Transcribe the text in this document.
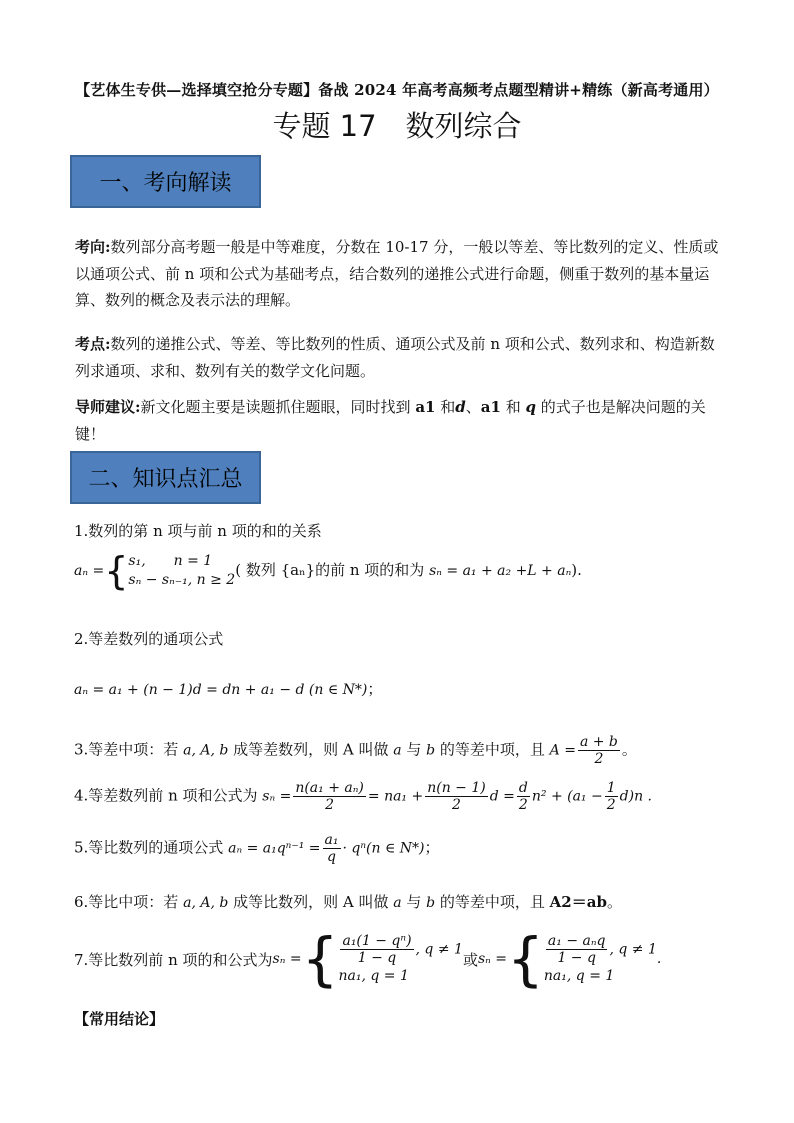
【艺体生专供—选择填空抢分专题】备战 2024 年高考高频考点题型精讲+精练（新高考通用）
专题 17　数列综合
一、考向解读
考向:数列部分高考题一般是中等难度，分数在 10-17 分，一般以等差、等比数列的定义、性质或以通项公式、前 n 项和公式为基础考点，结合数列的递推公式进行命题，侧重于数列的基本量运算、数列的概念及表示法的理解。
考点:数列的递推公式、等差、等比数列的性质、通项公式及前 n 项和公式、数列求和、构造新数列求通项、求和、数列有关的数学文化问题。
导师建议:新文化题主要是读题抓住题眼，同时找到 a1 和d、a1 和 q 的式子也是解决问题的关键！
二、知识点汇总
1.数列的第 n 项与前 n 项的和的关系
aₙ ={ s₁,　　n = 1
sₙ − sₙ₋₁, n ≥ 2
( 数列 {aₙ}的前 n 项的和为 sₙ = a₁ + a₂ +L + aₙ).
2.等差数列的通项公式
aₙ = a₁ + (n − 1)d = dn + a₁ − d (n ∈ N*)；
3.等差中项：若 a, A, b 成等差数列，则 A 叫做 a 与 b 的等差中项，且 $A = \frac{a + b}{2}$ 。
4.等差数列前 n 项和公式为 $s_n = \frac{\text{n(a₁ + aₙ)}}{2} = na_1 + \frac{n(n - 1)}{2}$ $d = \frac{d}{2} n^2 + (a_1 - \frac{1}{2} d)n$ .
5.等比数列的通项公式 $a_n = a_1q^{n-1} = \frac{\text{a₁}}{q} \cdot q^n(n$ ∈ N*)；
6.等比中项：若 a, A, b 成等比数列，则 A 叫做 a 与 b 的等差中项，且 A2＝ab。
7.等比数列前 n 项的和公式为 sₙ = { $\frac{\text{a₁(1 − qⁿ)}}{1 - q}$ , q ≠ 1
na₁, q = 1
或 sₙ = { $\frac{\text{a₁ − aₙq}}{1 - q}$ , q ≠ 1
na₁, q = 1
.
【常用结论】
